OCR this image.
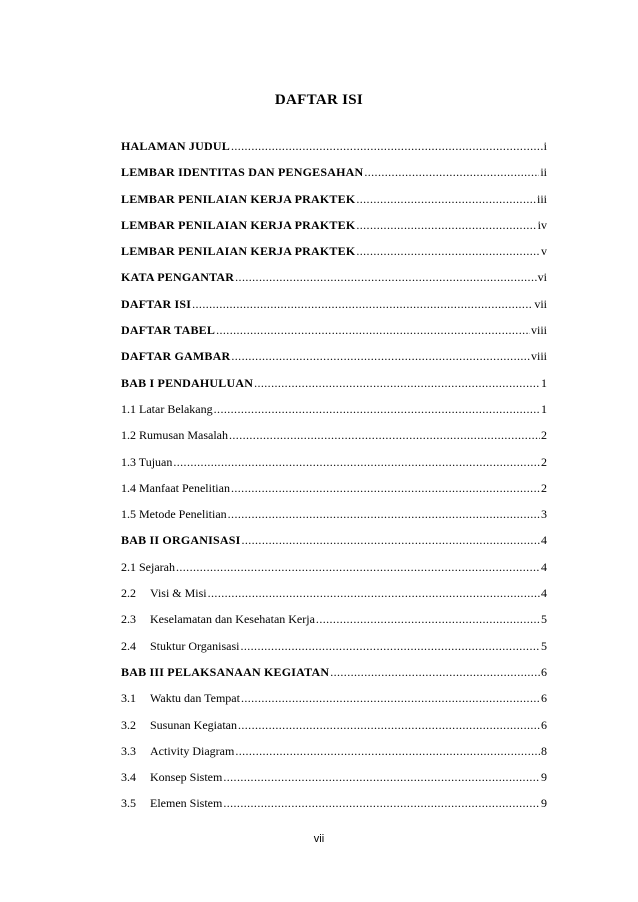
DAFTAR ISI
HALAMAN JUDUL .....	i
LEMBAR IDENTITAS DAN PENGESAHAN .....	ii
LEMBAR PENILAIAN KERJA PRAKTEK .....	iii
LEMBAR PENILAIAN KERJA PRAKTEK .....	iv
LEMBAR PENILAIAN KERJA PRAKTEK .....	v
KATA PENGANTAR .....	vi
DAFTAR ISI .....	vii
DAFTAR TABEL .....	viii
DAFTAR GAMBAR .....	viii
BAB I PENDAHULUAN .....	1
1.1 Latar Belakang .....	1
1.2 Rumusan Masalah .....	2
1.3 Tujuan .....	2
1.4 Manfaat Penelitian .....	2
1.5 Metode Penelitian .....	3
BAB II ORGANISASI .....	4
2.1 Sejarah .....	4
2.2	Visi & Misi .....	4
2.3	Keselamatan dan Kesehatan Kerja .....	5
2.4	Stuktur Organisasi .....	5
BAB III PELAKSANAAN KEGIATAN .....	6
3.1	Waktu dan Tempat .....	6
3.2	Susunan Kegiatan .....	6
3.3	Activity Diagram .....	8
3.4	Konsep Sistem .....	9
3.5	Elemen Sistem .....	9
vii
